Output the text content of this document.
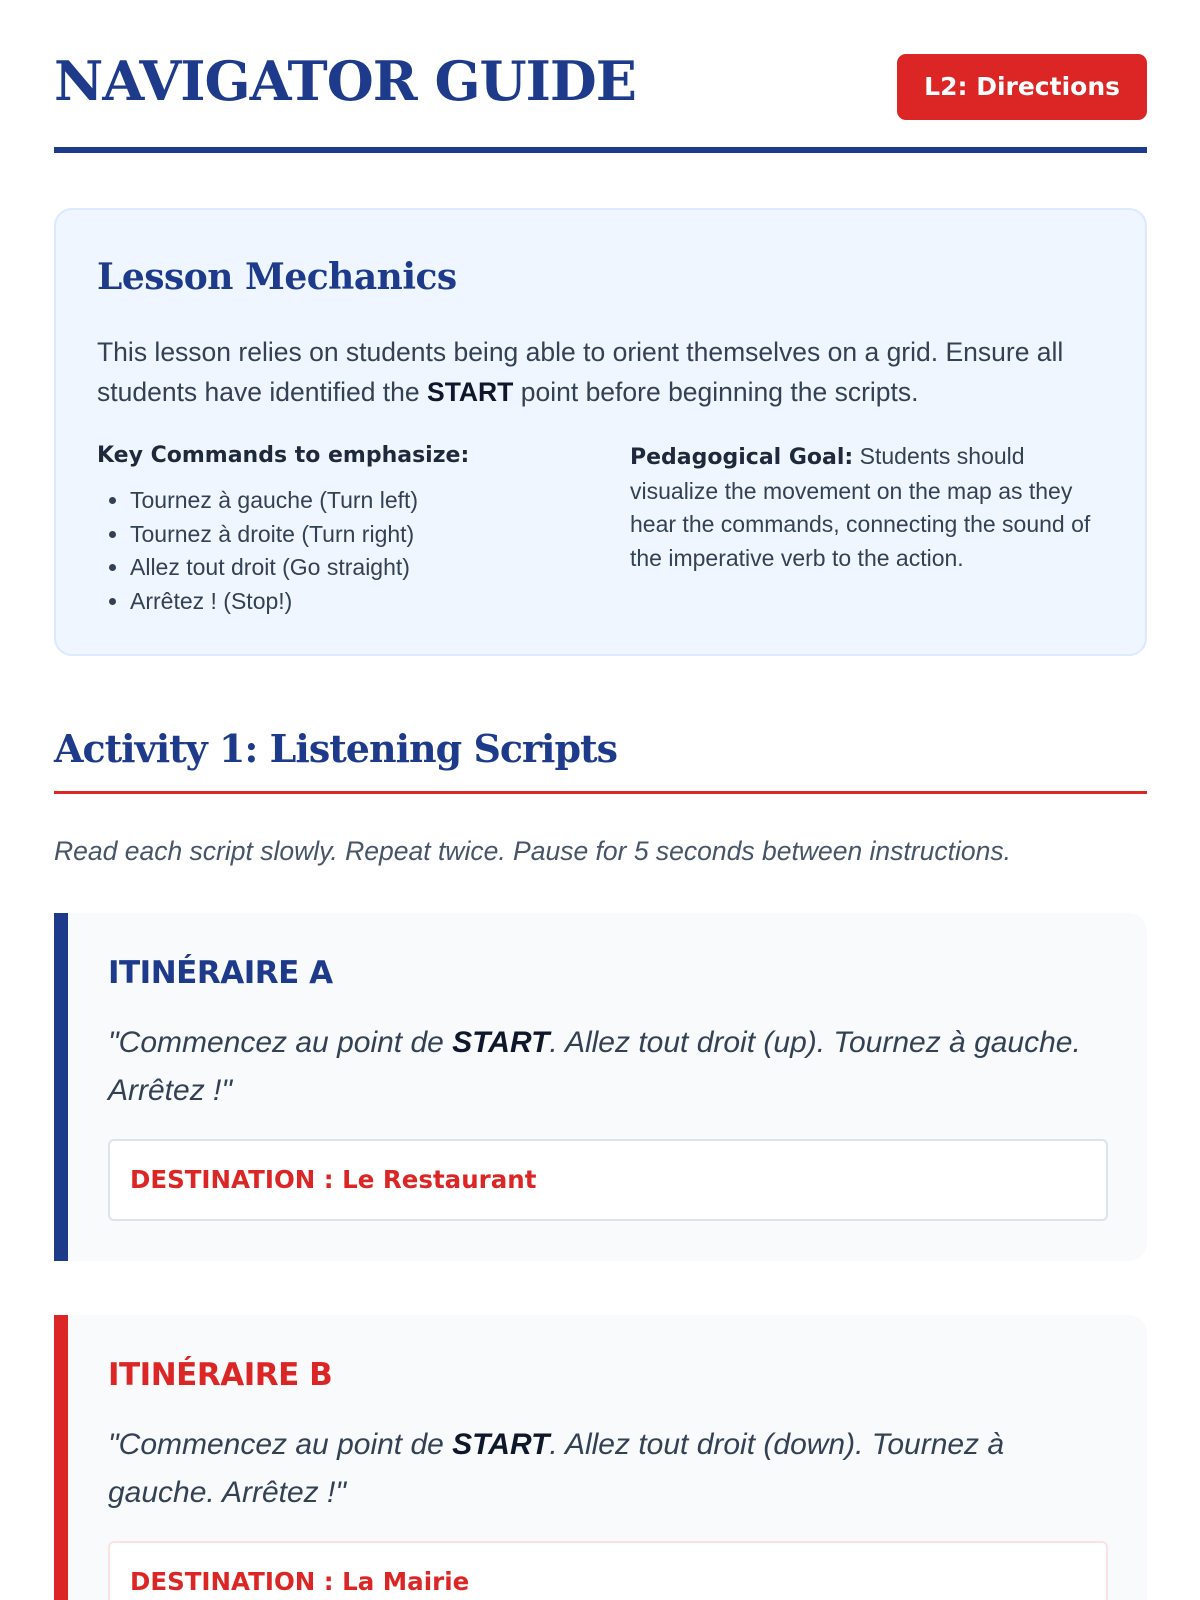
NAVIGATOR GUIDE	L2: Directions
Lesson Mechanics

This lesson relies on students being able to orient themselves on a grid. Ensure all students have identified the START point before beginning the scripts.

Key Commands to emphasize:

• Tournez à gauche (Turn left)
• Tournez à droite (Turn right)
• Allez tout droit (Go straight)
• Arrêtez ! (Stop!)

Pedagogical Goal: Students should visualize the movement on the map as they hear the commands, connecting the sound of the imperative verb to the action.

Activity 1: Listening Scripts

Read each script slowly. Repeat twice. Pause for 5 seconds between instructions.

ITINÉRAIRE A

"Commencez au point de START. Allez tout droit (up). Tournez à gauche. Arrêtez !"

DESTINATION : Le Restaurant
ITINÉRAIRE B

"Commencez au point de START. Allez tout droit (down). Tournez à gauche. Arrêtez !"

DESTINATION : La Mairie
